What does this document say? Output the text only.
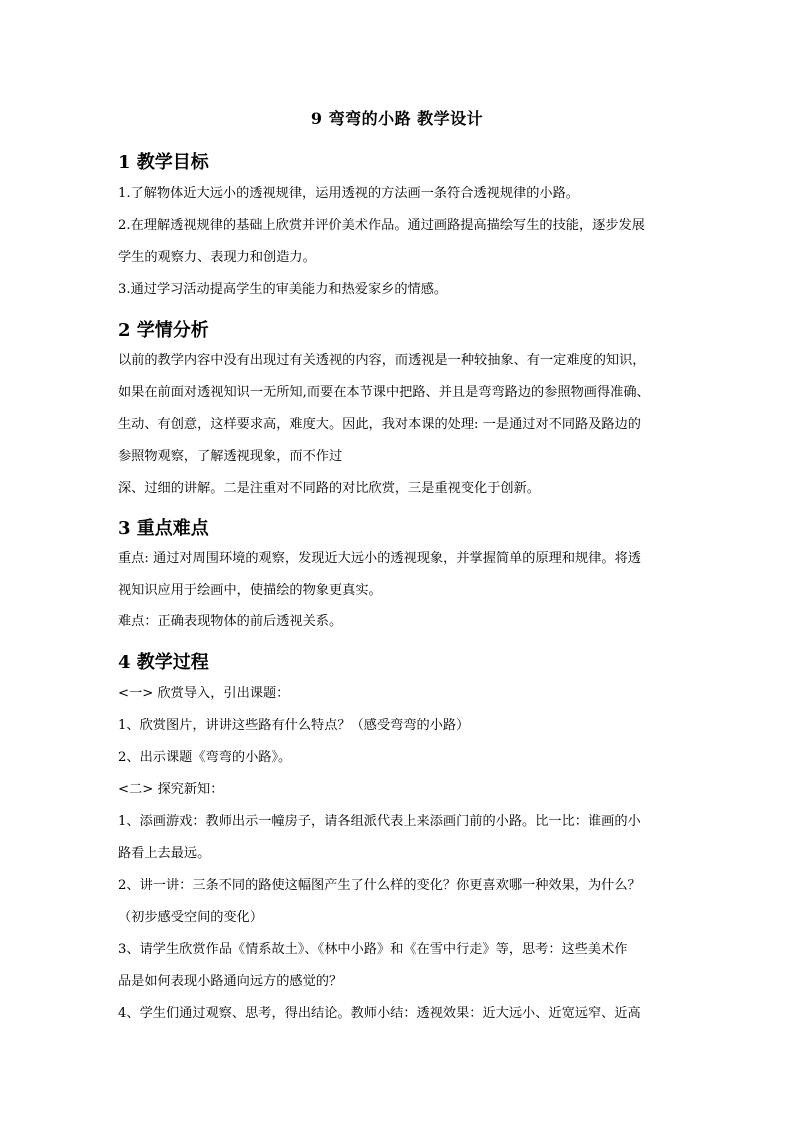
9 弯弯的小路 教学设计
1 教学目标
1.了解物体近大远小的透视规律，运用透视的方法画一条符合透视规律的小路。
2.在理解透视规律的基础上欣赏并评价美术作品。通过画路提高描绘写生的技能，逐步发展
学生的观察力、表现力和创造力。
3.通过学习活动提高学生的审美能力和热爱家乡的情感。
2 学情分析
以前的教学内容中没有出现过有关透视的内容，而透视是一种较抽象、有一定难度的知识，
如果在前面对透视知识一无所知,而要在本节课中把路、并且是弯弯路边的参照物画得准确、
生动、有创意，这样要求高，难度大。因此，我对本课的处理: 一是通过对不同路及路边的
参照物观察，了解透视现象，而不作过
深、过细的讲解。二是注重对不同路的对比欣赏，三是重视变化于创新。
3 重点难点
重点: 通过对周围环境的观察，发现近大远小的透视现象，并掌握简单的原理和规律。将透
视知识应用于绘画中，使描绘的物象更真实。
难点：正确表现物体的前后透视关系。
4 教学过程
<一> 欣赏导入，引出课题：
1、欣赏图片，讲讲这些路有什么特点？（感受弯弯的小路）
2、出示课题《弯弯的小路》。
<二> 探究新知：
1、添画游戏：教师出示一幢房子，请各组派代表上来添画门前的小路。比一比：谁画的小
路看上去最远。
2、讲一讲：三条不同的路使这幅图产生了什么样的变化？你更喜欢哪一种效果，为什么？
（初步感受空间的变化）
3、请学生欣赏作品《情系故土》、《林中小路》和《在雪中行走》等，思考：这些美术作
品是如何表现小路通向远方的感觉的？
4、学生们通过观察、思考，得出结论。教师小结：透视效果：近大远小、近宽远窄、近高
